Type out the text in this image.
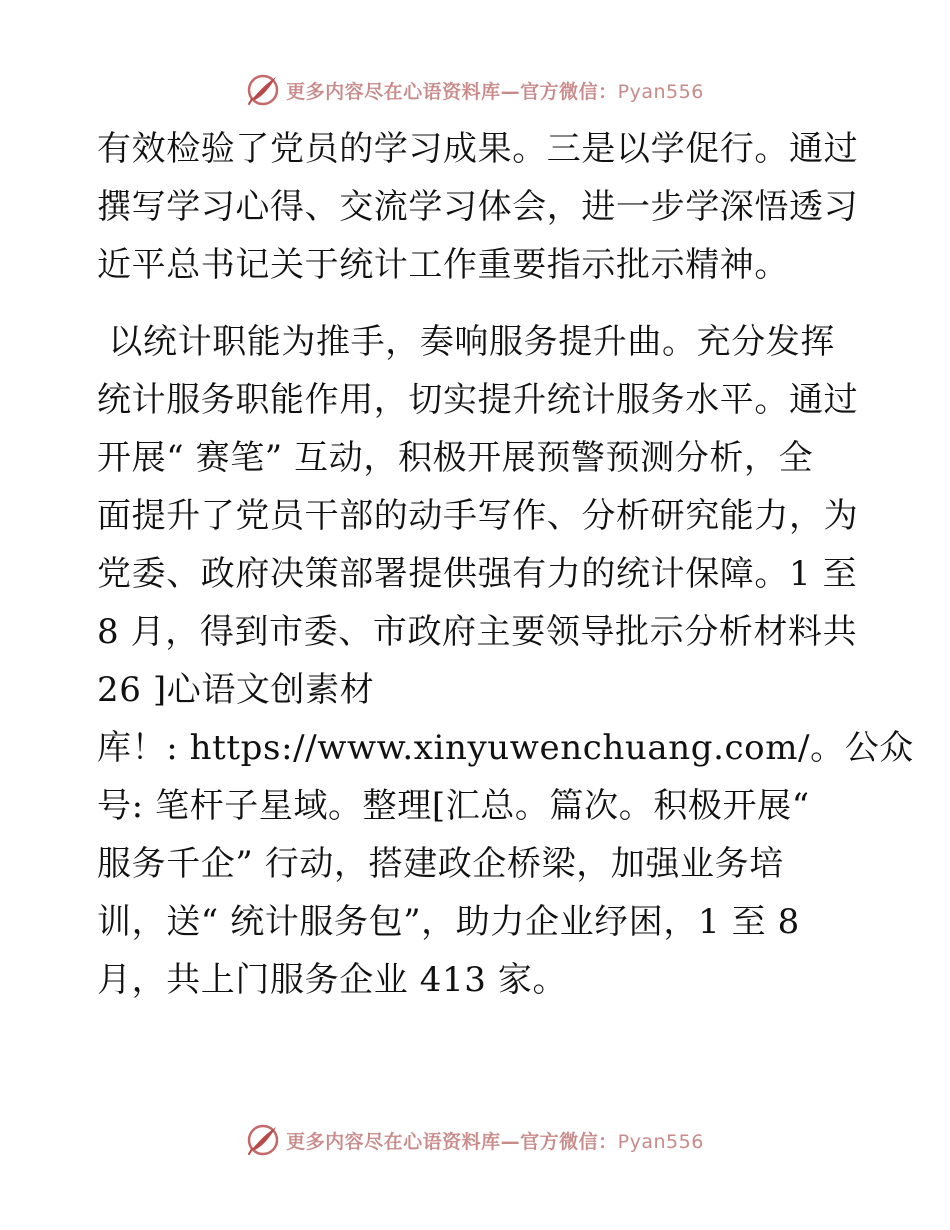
更多内容尽在心语资料库—官方微信：Pyan556

有效检验了党员的学习成果。三是以学促行。通过
撰写学习心得、交流学习体会，进一步学深悟透习
近平总书记关于统计工作重要指示批示精神。

以统计职能为推手，奏响服务提升曲。充分发挥
统计服务职能作用，切实提升统计服务水平。通过
开展“ 赛笔” 互动，积极开展预警预测分析，全
面提升了党员干部的动手写作、分析研究能力，为
党委、政府决策部署提供强有力的统计保障。1 至
8 月，得到市委、市政府主要领导批示分析材料共
26 ]心语文创素材
库！: https://www.xinyuwenchuang.com/。公众
号: 笔杆子星域。整理[汇总。篇次。积极开展“
服务千企” 行动，搭建政企桥梁，加强业务培
训，送“ 统计服务包”，助力企业纾困，1 至 8
月，共上门服务企业 413 家。

更多内容尽在心语资料库—官方微信：Pyan556
